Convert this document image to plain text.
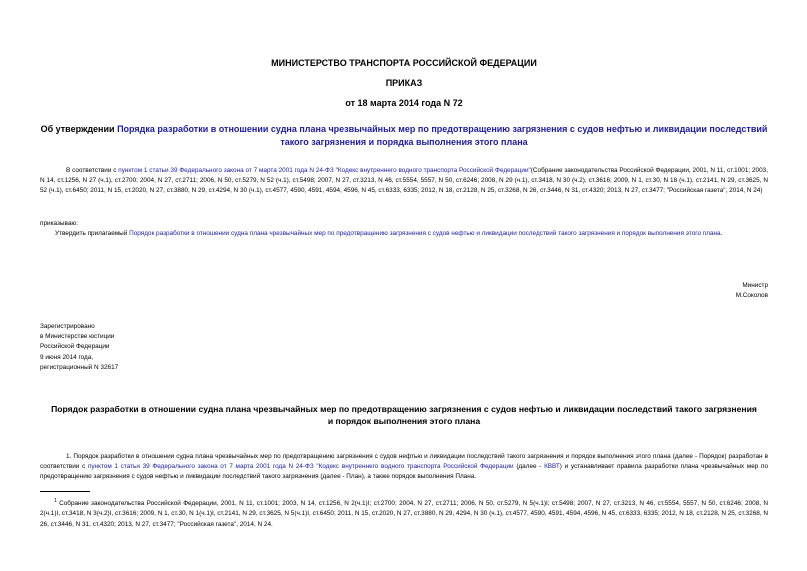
МИНИСТЕРСТВО ТРАНСПОРТА РОССИЙСКОЙ ФЕДЕРАЦИИ
ПРИКАЗ
от 18 марта 2014 года N 72
Об утверждении Порядка разработки в отношении судна плана чрезвычайных мер по предотвращению загрязнения с судов нефтью и ликвидации последствий
такого загрязнения и порядка выполнения этого плана
В соответствии с пунктом 1 статьи 39 Федерального закона от 7 марта 2001 года N 24-ФЗ "Кодекс внутреннего водного транспорта Российской Федерации"(Собрание законодательства Российской Федерации, 2001, N 11, ст.1001; 2003, N 14, ст.1256, N 27 (ч.1), ст.2700; 2004, N 27, ст.2711; 2006, N 50, ст.5279, N 52 (ч.1), ст.5498; 2007, N 27, ст.3213, N 46, ст.5554, 5557, N 50, ст.6246; 2008, N 29 (ч.1), ст.3418, N 30 (ч.2), ст.3616; 2009, N 1, ст.30, N 18 (ч.1), ст.2141, N 29, ст.3625, N 52 (ч.1), ст.6450; 2011, N 15, ст.2020, N 27, ст.3880, N 29, ст.4294, N 30 (ч.1), ст.4577, 4590, 4591, 4594, 4596, N 45, ст.6333, 6335; 2012, N 18, ст.2128, N 25, ст.3268, N 26, ст.3446, N 31, ст.4320; 2013, N 27, ст.3477; "Российская газета", 2014, N 24)
приказываю:
Утвердить прилагаемый Порядок разработки в отношении судна плана чрезвычайных мер по предотвращению загрязнения с судов нефтью и ликвидации последствий такого загрязнения и порядок выполнения этого плана.
Министр
М.Соколов
Зарегистрировано
в Министерстве юстиции
Российской Федерации
9 июня 2014 года,
регистрационный N 32617
Порядок разработки в отношении судна плана чрезвычайных мер по предотвращению загрязнения с судов нефтью и ликвидации последствий такого загрязнения
и порядок выполнения этого плана
1. Порядок разработки в отношении судна плана чрезвычайных мер по предотвращению загрязнения с судов нефтью и ликвидации последствий такого загрязнения и порядок выполнения этого плана (далее - Порядок) разработан в соответствии с пунктом 1 статьи 39 Федерального закона от 7 марта 2001 года N 24-ФЗ "Кодекс внутреннего водного транспорта Российской Федерации (далее - КВВТ) и устанавливает правила разработки плана чрезвычайных мер по предотвращению загрязнения с судов нефтью и ликвидации последствий такого загрязнения (далее - План), а также порядок выполнения Плана.
$^1$ Собрание законодательства Российской Федерации, 2001, N 11, ст.1001; 2003, N 14, ст.1256, N 2(ч.1)І; ст.2700; 2004, N 27, ст.2711; 2006, N 50, ст.5279, N 5(ч.1)І; ст.5498; 2007, N 27, ст.3213, N 46, ст.5554, 5557, N 50, ст.6246; 2008, N 2(ч.1)І, ст.3418, N 3(ч.2)І, ст.3616; 2009, N 1, ст.30, N 1(ч.1)І, ст.2141, N 29, ст.3625, N 5(ч.1)І, ст.6450; 2011, N 15, ст.2020, N 27, ст.3880, N 29, 4294, N 30 (ч.1), ст.4577, 4590, 4591, 4594, 4596, N 45, ст.6333, 6335; 2012, N 18, ст.2128, N 25, ст.3268, N 26, ст.3446, N 31, ст.4320; 2013, N 27, ст.3477; "Российская газета", 2014, N 24.
